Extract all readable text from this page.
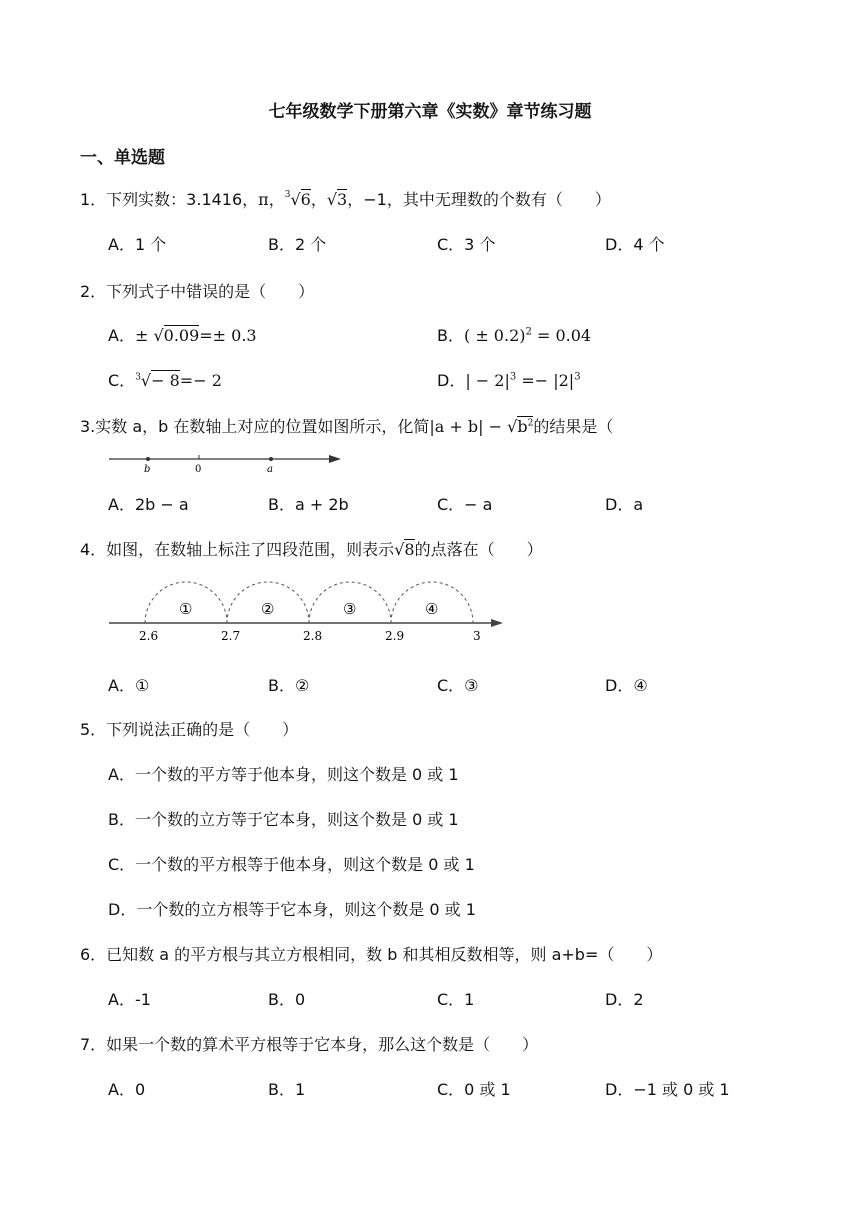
七年级数学下册第六章《实数》章节练习题
一、单选题
1．下列实数：3.1416，π，$^3$√6，√3，−1，其中无理数的个数有（　　）
A．1 个	B．2 个	C．3 个	D．4 个
2．下列式子中错误的是（　　）
A．± √0.09=± 0.3	B．( ± 0.2)$^2$ = 0.04
C．$^3$√− 8=− 2	D．| − $2|^3 =- |2|^3$
3.实数 a，b 在数轴上对应的位置如图所示，化简$|a + b| - √b^2$的结果是（
b	0	a
A．2b − a	B．a + 2b	C．− a	D．a
4．如图，在数轴上标注了四段范围，则表示√8的点落在（　　）
①	②	③	④
2.6	2.7	2.8	2.9	3
A．①	B．②	C．③	D．④
5．下列说法正确的是（　　）
A．一个数的平方等于他本身，则这个数是 0 或 1
B．一个数的立方等于它本身，则这个数是 0 或 1
C．一个数的平方根等于他本身，则这个数是 0 或 1
D．一个数的立方根等于它本身，则这个数是 0 或 1
6．已知数 a 的平方根与其立方根相同，数 b 和其相反数相等，则 a+b=（　　）
A．-1	B．0	C．1	D．2
7．如果一个数的算术平方根等于它本身，那么这个数是（　　）
A．0	B．1	C．0 或 1	D．−1 或 0 或 1
